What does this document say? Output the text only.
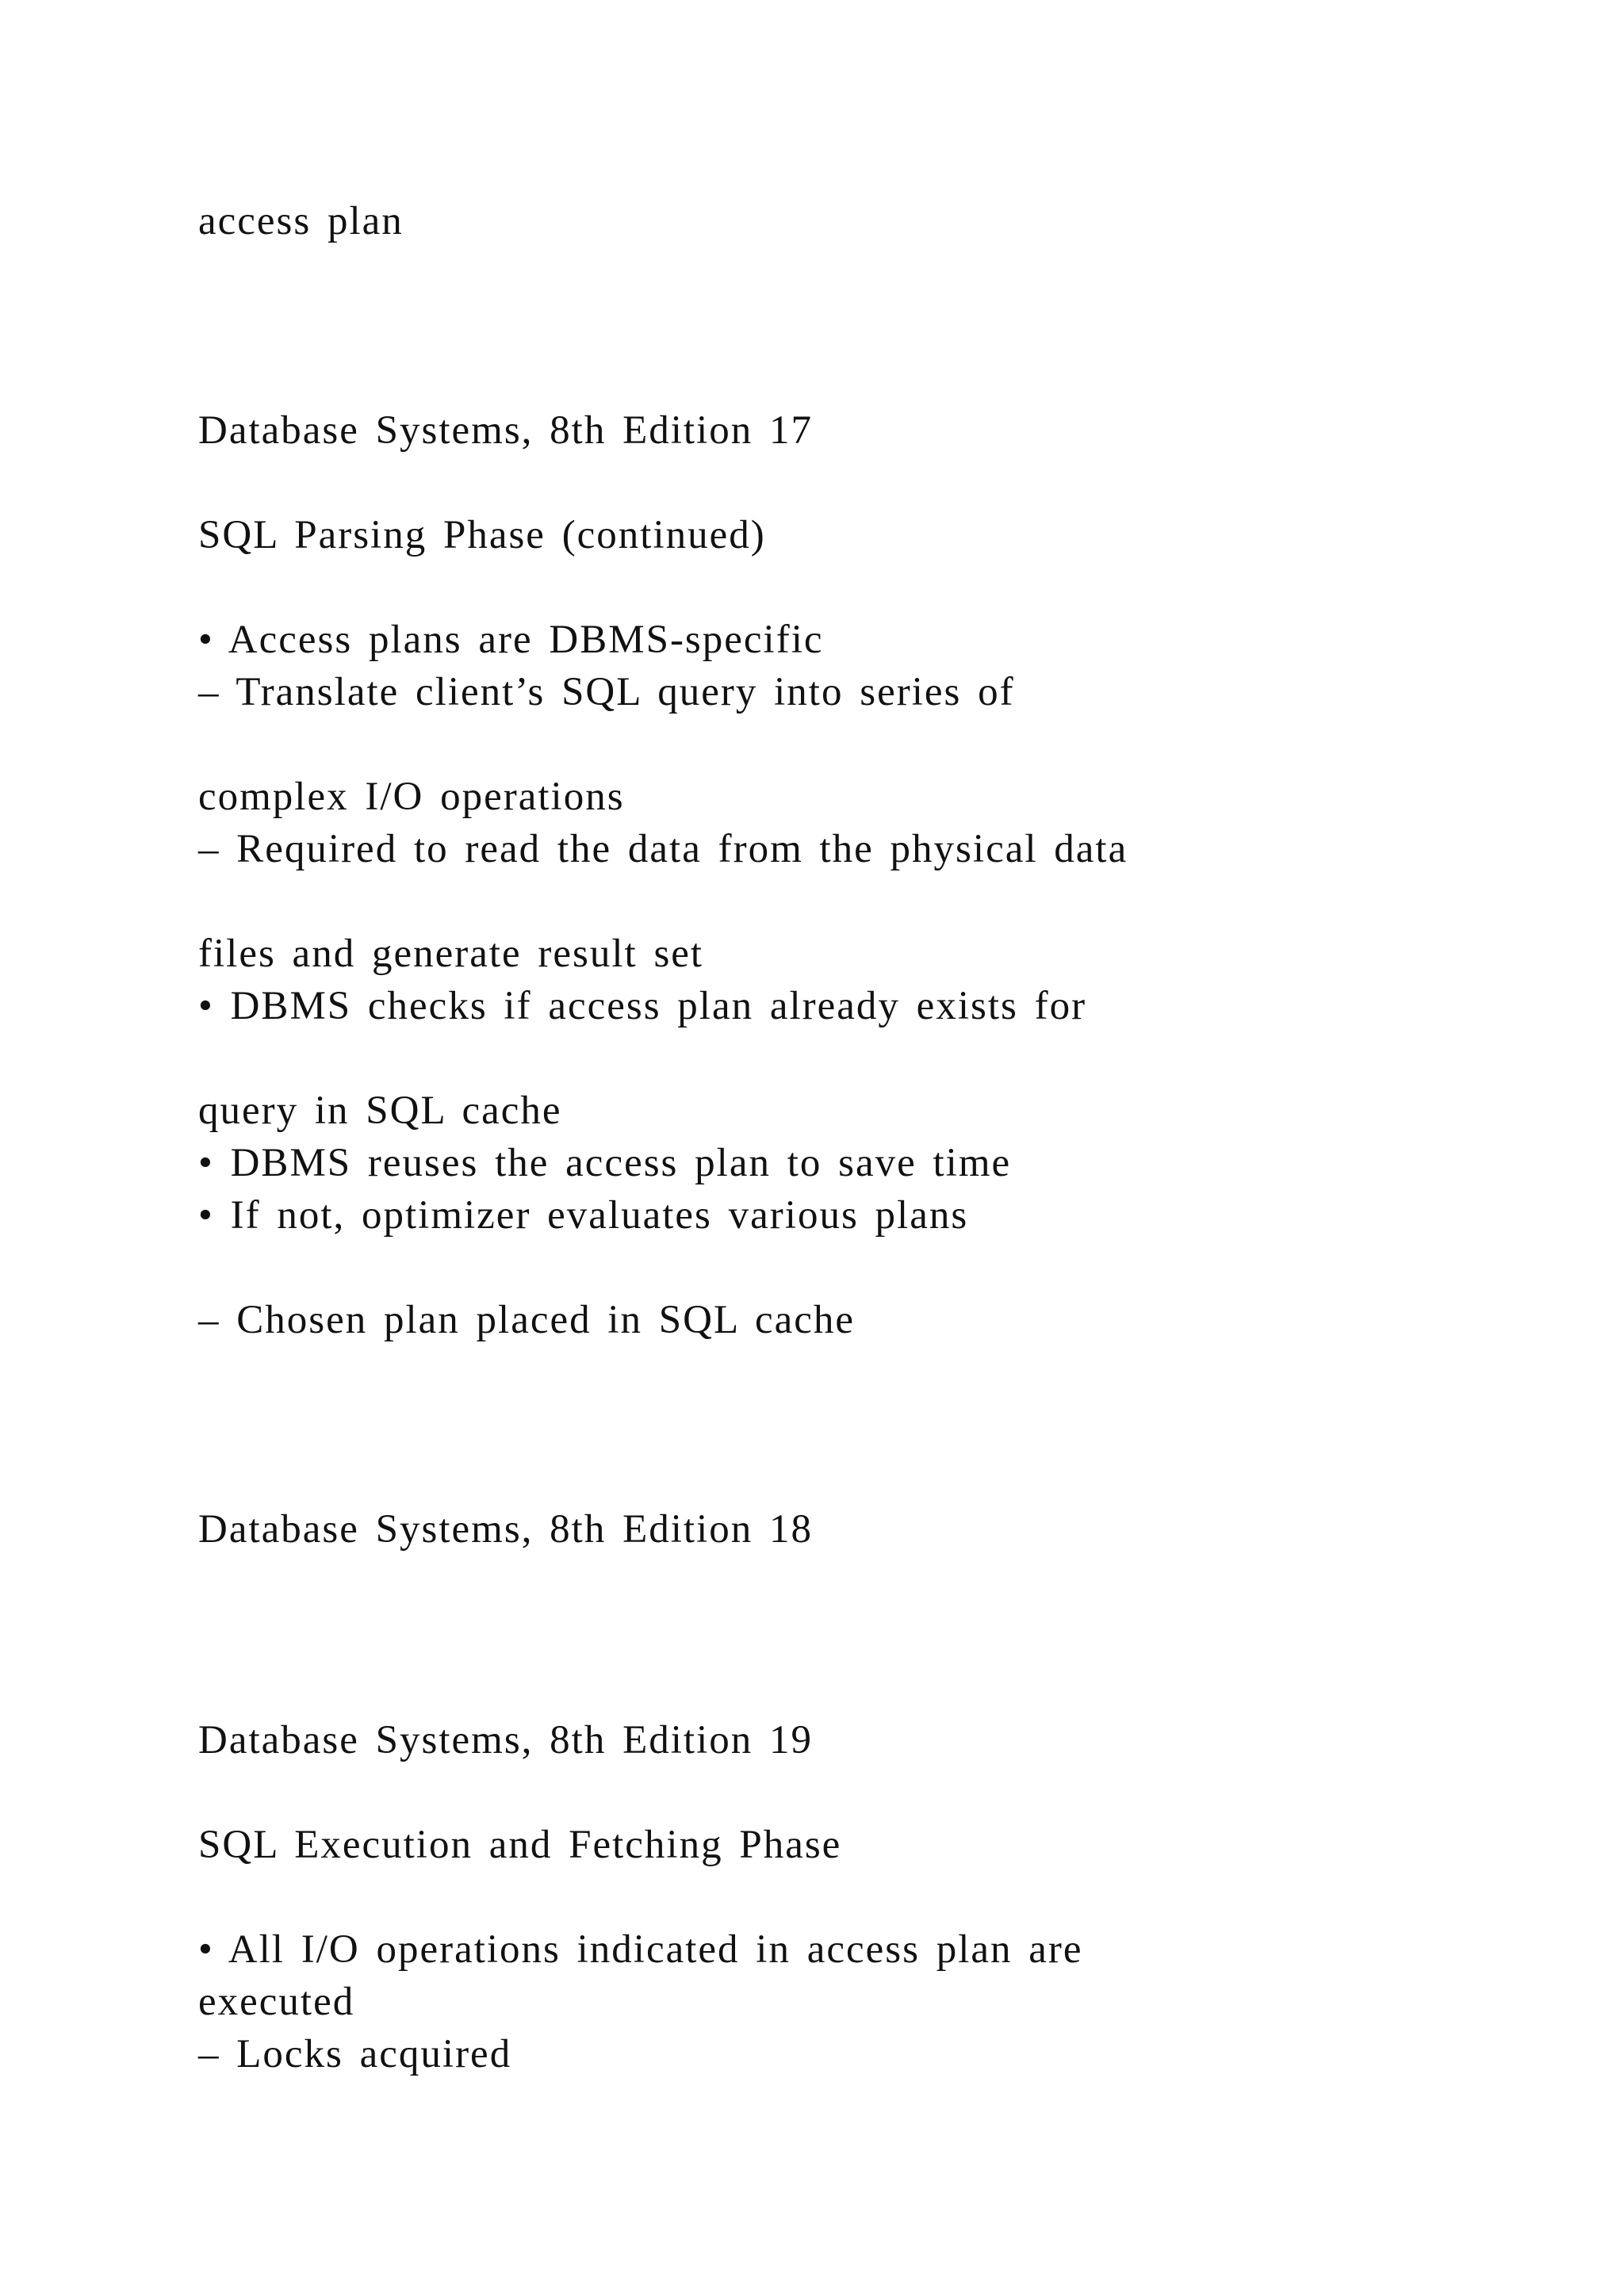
access plan
Database Systems, 8th Edition 17
SQL Parsing Phase (continued)
• Access plans are DBMS-specific
– Translate client’s SQL query into series of
complex I/O operations
– Required to read the data from the physical data
files and generate result set
• DBMS checks if access plan already exists for
query in SQL cache
• DBMS reuses the access plan to save time
• If not, optimizer evaluates various plans
– Chosen plan placed in SQL cache
Database Systems, 8th Edition 18
Database Systems, 8th Edition 19
SQL Execution and Fetching Phase
• All I/O operations indicated in access plan are
executed
– Locks acquired
